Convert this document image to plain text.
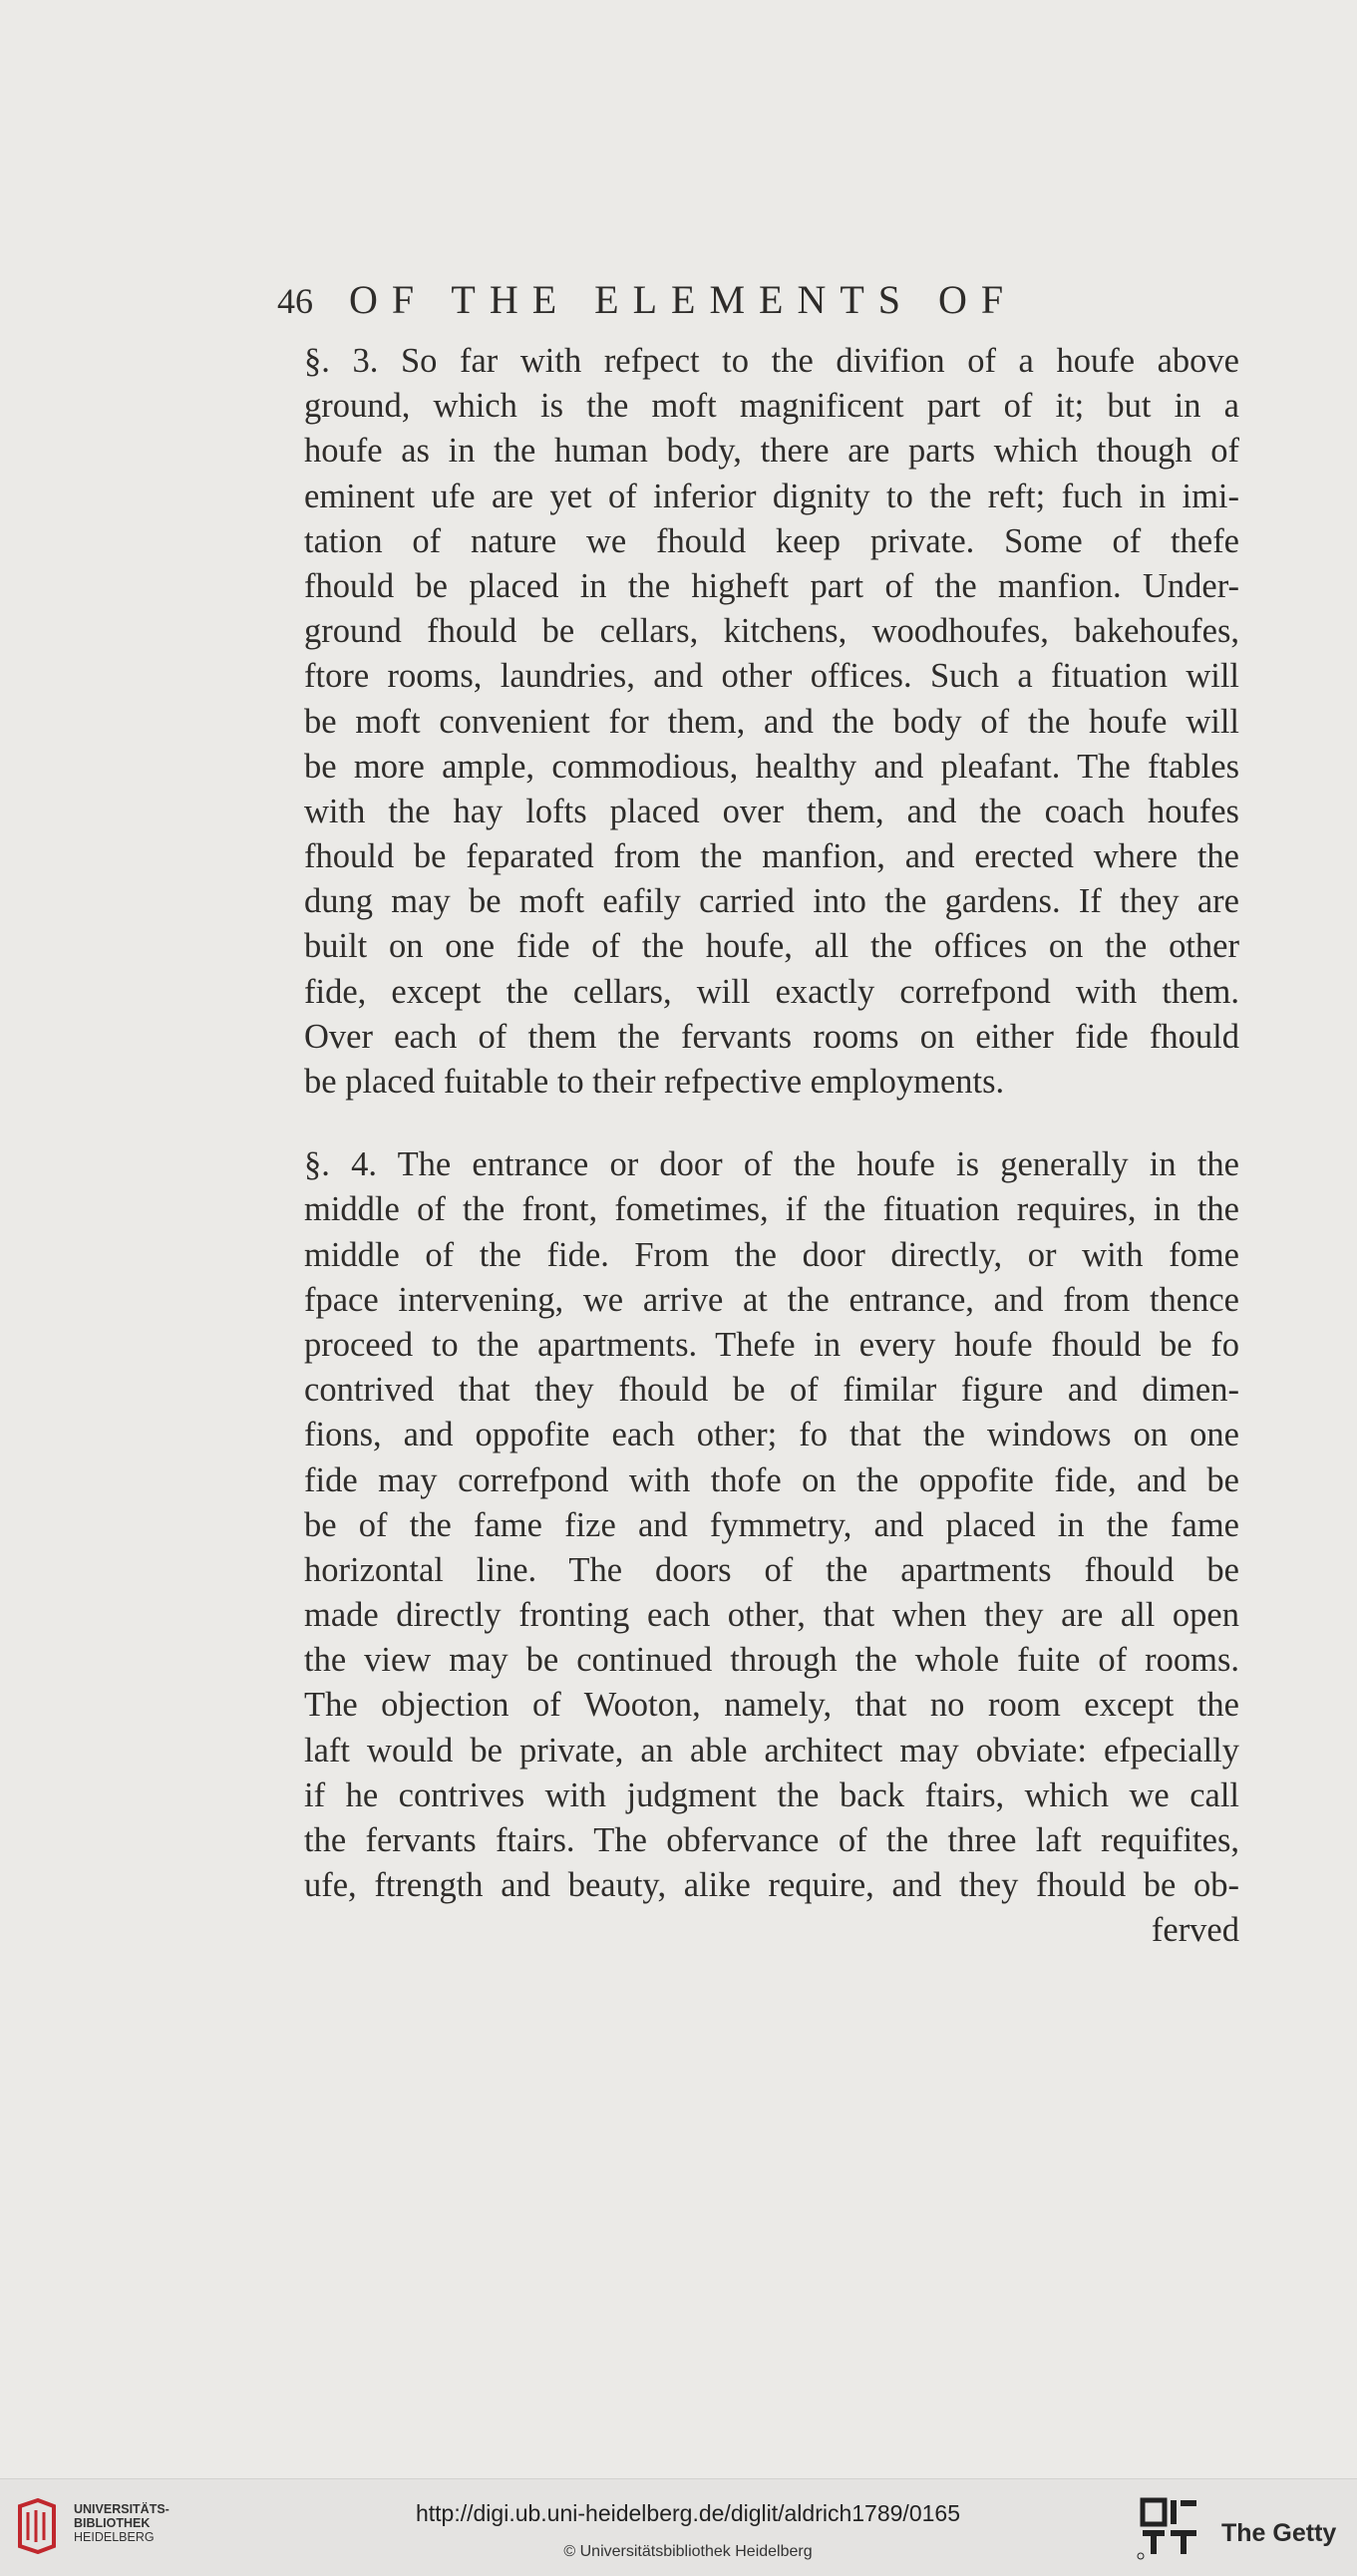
46 OF THE ELEMENTS OF
§. 3. So far with refpect to the divifion of a houfe above
ground, which is the moft magnificent part of it; but in a
houfe as in the human body, there are parts which though of
eminent ufe are yet of inferior dignity to the reft; fuch in imi-
tation of nature we fhould keep private. Some of thefe
fhould be placed in the higheft part of the manfion. Under-
ground fhould be cellars, kitchens, woodhoufes, bakehoufes,
ftore rooms, laundries, and other offices. Such a fituation will
be moft convenient for them, and the body of the houfe will
be more ample, commodious, healthy and pleafant. The ftables
with the hay lofts placed over them, and the coach houfes
fhould be feparated from the manfion, and erected where the
dung may be moft eafily carried into the gardens. If they are
built on one fide of the houfe, all the offices on the other
fide, except the cellars, will exactly correfpond with them.
Over each of them the fervants rooms on either fide fhould
be placed fuitable to their refpective employments.
§. 4. The entrance or door of the houfe is generally in the
middle of the front, fometimes, if the fituation requires, in the
middle of the fide. From the door directly, or with fome
fpace intervening, we arrive at the entrance, and from thence
proceed to the apartments. Thefe in every houfe fhould be fo
contrived that they fhould be of fimilar figure and dimen-
fions, and oppofite each other; fo that the windows on one
fide may correfpond with thofe on the oppofite fide, and be
be of the fame fize and fymmetry, and placed in the fame
horizontal line. The doors of the apartments fhould be
made directly fronting each other, that when they are all open
the view may be continued through the whole fuite of rooms.
The objection of Wooton, namely, that no room except the
laft would be private, an able architect may obviate: efpecially
if he contrives with judgment the back ftairs, which we call
the fervants ftairs. The obfervance of the three laft requifites,
ufe, ftrength and beauty, alike require, and they fhould be ob-
ferved
UNIVERSITÄTS-
BIBLIOTHEK
HEIDELBERG
http://digi.ub.uni-heidelberg.de/diglit/aldrich1789/0165
© Universitätsbibliothek Heidelberg
The Getty
